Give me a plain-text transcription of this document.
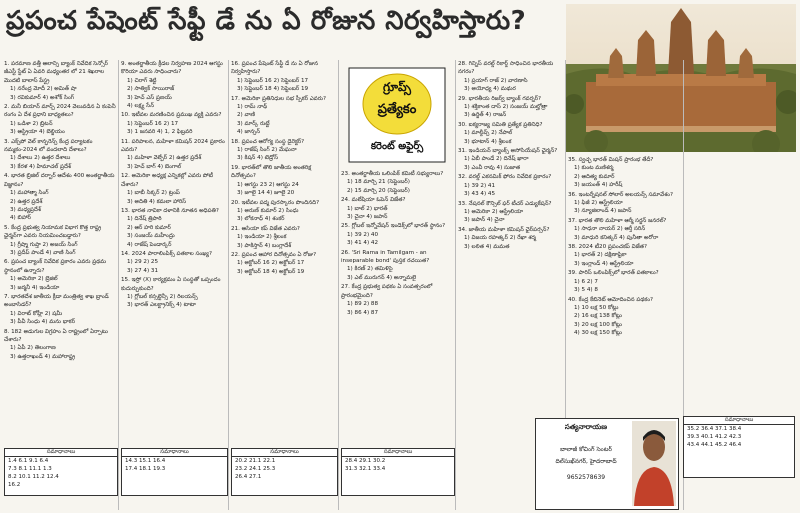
ప్రపంచ పేషెంట్ సేఫ్టీ డే ను ఏ రోజున నిర్వహిస్తారు?
గ్రూప్స్
ప్రత్యేకం
కరెంట్ అఫైర్స్
1. పరమాణ వత్తీ ఆలాన్సి బ్యాంక్ నివేదిక సెన్సోర్ జీఎస్టీ స్టేట్ ఏ ఏవరి మధ్యంతర లో 21 శిఖరాల మొదటి బాలాస్ పేస్ట్ర
1) నరేంద్ర మోదీ 2) అమిత్ షా
3) రవికుమార్ 4) అశోక్ సింగ్
2. మనీ బియాన్ మార్చ్ 2024 వెలువడిన ఏ కంపెనీ రంగం ఏ దేశ ప్రధాని బాధ్యతలు?
1) ఒడిశా 2) బ్రిటన్
3) ఆస్ట్రియా 4) బెల్జియం
3. ఎక్స్‌పో వెల్ కాన్ఫరెన్స్ కేంద్ర పర్యాటకం నమ్మకం-2024 లో వందలాది దేశాలు?
1) దేశాలు 2) ఉత్తర దేశాలు
3) కేరళ 4) హిమాచల్ ప్రదేశ్
4. భారత బ్రిజిల్ దర్బార్ ఆదేశం 400 అంతర్జాతీయ విజ్ఞానం?
1) మహాత్మా సింగ్
2) ఉత్తర ప్రదేశ్
3) మధ్యప్రదేశ్
4) బిహార్
5. కేంద్ర ప్రభుత్వ నియామక విభాగ కొత్త రాష్ట్ర ఛైర్మన్‌గా ఎవరు నియమించబడ్డారు?
1) గ్రీష్మా గుప్తా 2) అజయ్ సింగ్
3) ప్రదీప్ పాండే 4) వాణి సింగ్
6. ప్రపంచ బ్యాంక్ నివేదిక ప్రకారం ఎవరు ప్రథమ స్థానంలో ఉన్నారు?
1) అమెరికా 2) బ్రెజిల్
3) జర్మనీ 4) ఇండియా
7. భారతదేశ జాతీయ క్రీడా మంత్రిత్వ శాఖ బ్రాండ్ అంబాసిడర్?
1) విరాట్ కోహ్లీ 2) షమీ
3) పీవీ సింధు 4) మను భాకర్
8. 182 అడుగుల విగ్రహం ఏ రాష్ట్రంలో ఏర్పాటు చేశారు?
1) ఏపీ 2) తెలంగాణ
3) ఉత్తరాఖండ్ 4) మహారాష్ట్ర
9. అంతర్జాతీయ క్రీడల నిర్వహణ 2024 ఆగస్టు కొరియా ఎవరు సాధించారు?
1) చిరాగ్ శెట్టి
2) సాత్విక్ సాయిరాజ్
3) హెచ్ ఎస్ ప్రణయ్
4) లక్ష్య సేన్
10. ఇటీవల మరణించిన ప్రముఖ వ్యక్తి ఎవరు?
1) సెప్టెంబర్ 16 2) 17
3) 1 జనవరి 4) 1, 2 ఫిబ్రవరి
11. పరిపాలన, మహిళా కమిషన్ 2024 ప్రకారం ఎవరు?
1) మహిళా వెల్ఫేర్ 2) ఉత్తర ప్రదేశ్
3) హెచ్ బాగ్ 4) బెంగాల్
12. అమెరికా అధ్యక్ష ఎన్నికల్లో ఎవరు పోటీ చేశారు?
1) బాబీ సిక్కర్ 2) ట్రంప్
3) అదితి 4) కమలా హారిస్
13. భారత నావికా దళానికి నూతన అధిపతి?
1) దినేష్ త్రిపాఠి
2) ఆర్ హరి కుమార్
3) సంజయ్ మహీంద్రు
4) రాజేష్ పెండార్కర్
14. 2024 పారాలింపిక్స్ పతకాల సంఖ్య?
1) 29 2) 25
3) 27 4) 31
15. ఇస్రో (X) కార్యక్రమం ఏ సంస్థతో ఒప్పందం కుదుర్చుకుంది?
1) గ్లోబల్ కన్సల్టెన్సీ 2) రిలయన్స్
3) భారత్ ఎలక్ట్రానిక్స్ 4) టాటా
16. ప్రపంచ పేషెంట్ సేఫ్టీ డే ను ఏ రోజున నిర్వహిస్తారు?
1) సెప్టెంబర్ 16 2) సెప్టెంబర్ 17
3) సెప్టెంబర్ 18 4) సెప్టెంబర్ 19
17. అమెరికా ప్రతినిధుల సభ స్పీకర్ ఎవరు?
1) రామ్ నాథ్
2) వాణి
3) మార్క్ రుట్టే
4) జాన్సన్
18. ప్రపంచ ఆరోగ్య సంస్థ డైరెక్టర్?
1) రాజేష్ సింగ్ 2) మేఘనా
3) కిషన్ 4) టెడ్రోస్
19. భారత్‌లో తొలి జాతీయ అంతరిక్ష దినోత్సవం?
1) ఆగస్టు 23 2) ఆగస్టు 24
3) జూలై 14 4) జూలై 20
20. ఇటీవల పద్మ పురస్కారం పొందినది?
1) అరుణ్ కుమార్ 2) సింధు
3) లోకనాధ్ 4) శంకర్
21. ఆసియా కప్ విజేత ఎవరు?
1) ఇండియా 2) శ్రీలంక
3) పాకిస్తాన్ 4) బంగ్లాదేశ్
22. ప్రపంచ ఆహార దినోత్సవం ఏ రోజు?
1) అక్టోబర్ 16 2) అక్టోబర్ 17
3) అక్టోబర్ 18 4) అక్టోబర్ 19
23. అంతర్జాతీయ ఒలింపిక్ కమిటీ సభ్యురాలు?
1) 18 మార్చి 21 (సెప్టెంబర్)
2) 15 మార్చి 20 (సెప్టెంబర్)
24. మలేషియా ఓపెన్ విజేత?
1) బాల్ 2) భారత్
3) చైనా 4) జపాన్
25. గ్లోబల్ ఇన్నోవేషన్ ఇండెక్స్‌లో భారత్ స్థానం?
1) 39 2) 40
3) 41 4) 42
26. 'Sri Rama in Tamilgam - an inseparable bond' పుస్తక రచయిత?
1) కిరణ్ 2) తమిళిసై
3) ఎల్ మురుగన్ 4) అన్నామలై
27. కేంద్ర ప్రభుత్వ పథకం ఏ సంవత్సరంలో ప్రారంభమైంది?
1) 89 2) 88
3) 86 4) 87
28. గిన్నిస్ వరల్డ్ రికార్డ్ సాధించిన భారతీయ నగరం?
1) ప్రయాగ్ రాజ్ 2) వారణాసి
3) అయోధ్య 4) మథుర
29. భారతీయ రిజర్వ్ బ్యాంక్ గవర్నర్?
1) శక్తికాంత దాస్ 2) సంజయ్ మల్హోత్రా
3) ఉర్జిత్ 4) రాజన్
30. ఐక్యరాజ్య సమితి ప్రత్యేక ప్రతినిధి?
1) మాల్దీవ్స్ 2) నేపాల్
3) భూటాన్ 4) శ్రీలంక
31. ఇండియన్ బ్యాంక్స్ అసోసియేషన్ ఛైర్మన్?
1) ఏబీ పాండే 2) దినేష్ ఖారా
3) ఎంవీ రావు 4) సుజాత
32. వరల్డ్ ఎకనమిక్ ఫోరం నివేదిక ప్రకారం?
1) 39 2) 41
3) 43 4) 45
33. నేషనల్ కౌన్సిల్ ఫర్ టీచర్ ఎడ్యుకేషన్?
1) అమెరికా 2) ఆస్ట్రేలియా
3) జపాన్ 4) చైనా
34. జాతీయ మహిళా కమిషన్ ఛైర్‌పర్సన్?
1) విజయ రహత్కర్ 2) రేఖా శర్మ
3) లలిత 4) మమత
35. స్వచ్ఛ భారత్ మిషన్ ప్రారంభ తేదీ?
1) కుంట మణిశర్మ
2) ఆదిత్య కుమార్
3) జయంత్ 4) హరీష్
36. ఇంటర్నేషనల్ సోలార్ అలయన్స్ సమావేశం?
1) ఫిజీ 2) ఆస్ట్రేలియా
3) న్యూజిలాండ్ 4) జపాన్
37. భారత తొలి మహిళా ఆర్మీ సర్జన్ జనరల్?
1) సాధనా నాయర్ 2) ఆర్తీ సరిన్
3) మాధురి కనిత్కర్ 4) పునీతా అరోరా
38. 2024 టీ20 ప్రపంచకప్ విజేత?
1) భారత్ 2) దక్షిణాఫ్రికా
3) ఇంగ్లాండ్ 4) ఆస్ట్రేలియా
39. పారిస్ ఒలింపిక్స్‌లో భారత్ పతకాలు?
1) 6 2) 7
3) 5 4) 8
40. కేంద్ర కేబినెట్ ఆమోదించిన పథకం?
1) 10 లక్ష 50 కోట్లు
2) 16 లక్ష 138 కోట్లు
3) 20 లక్ష 100 కోట్లు
4) 30 లక్ష 150 కోట్లు
సమాధానాలు
1.4 6.1 9.1 6.4
7.3 8.1 11.1 1.3
8.2 10.1 11.2 12.4
16.2
సమాధానాలు
14.3 15.1 16.4
17.4 18.1 19.3
సమాధానాలు
20.2 21.1 22.1
23.2 24.1 25.3
26.4 27.1
సమాధానాలు
28.4 29.1 30.2
31.3 32.1 33.4
సమాధానాలు
35.2 36.4 37.1 38.4
39.3 40.1 41.2 42.3
43.4 44.1 45.2 46.4
సత్యనారాయణ
బాలాజీ కోచింగ్ సెంటర్
దిల్‌సుఖ్‌నగర్, హైదరాబాద్
9652578639
